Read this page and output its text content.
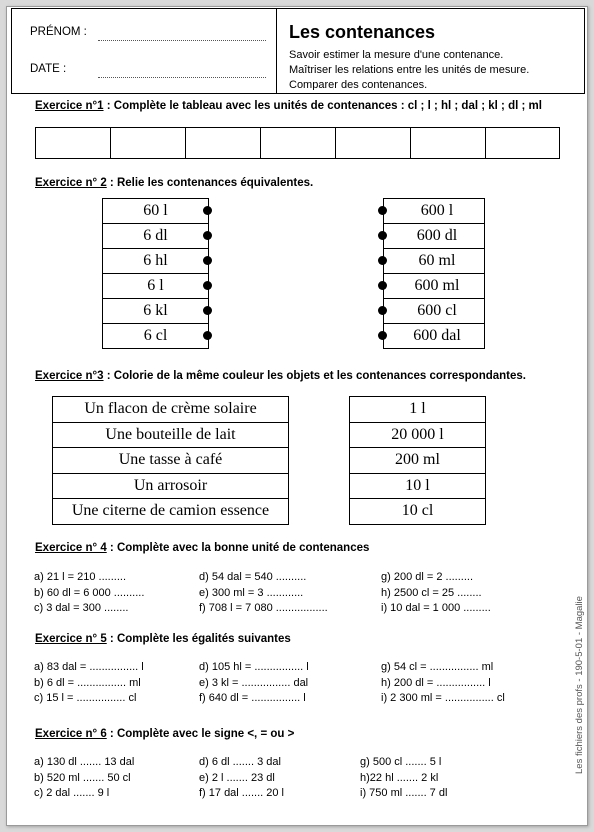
PRÉNOM :
DATE :
Les contenances
Savoir estimer la mesure d'une contenance.
Maîtriser les relations entre les unités de mesure.
Comparer des contenances.
Exercice n°1 : Complète le tableau avec les unités de contenances : cl ; l ; hl ; dal ; kl ; dl ; ml
Exercice n° 2 : Relie les contenances équivalentes.
60 l
6 dl
6 hl
6 l
6 kl
6 cl
600 l
600 dl
60 ml
600 ml
600 cl
600 dal
Exercice n°3 : Colorie de la même couleur les objets et les contenances correspondantes.
Un flacon de crème solaire
Une bouteille de lait
Une tasse à café
Un arrosoir
Une citerne de camion essence
1 l
20 000 l
200 ml
10 l
10 cl
Exercice n° 4 : Complète avec la bonne unité de contenances
a) 21 l = 210 .........
b) 60 dl = 6 000 ..........
c) 3 dal = 300 ........
d) 54 dal = 540 ..........
e) 300 ml = 3 ............
f) 708 l = 7 080 .................
g) 200 dl = 2 .........
h) 2500 cl = 25 ........
i) 10 dal = 1 000 .........
Exercice n° 5 : Complète les égalités suivantes
a) 83 dal = ................ l
b) 6 dl = ................ ml
c) 15 l = ................ cl
d) 105 hl = ................ l
e) 3 kl = ................ dal
f) 640 dl = ................ l
g) 54 cl = ................ ml
h) 200 dl = ................ l
i) 2 300 ml = ................ cl
Exercice n° 6 : Complète avec le signe <, = ou >
a) 130 dl ....... 13 dal
b) 520 ml ....... 50 cl
c) 2 dal ....... 9 l
d) 6 dl ....... 3 dal
e) 2 l ....... 23 dl
f) 17 dal ....... 20 l
g) 500 cl ....... 5 l
h)22 hl ....... 2 kl
i) 750 ml ....... 7 dl
Les fichiers des profs - 190-5-01 - Magalie
